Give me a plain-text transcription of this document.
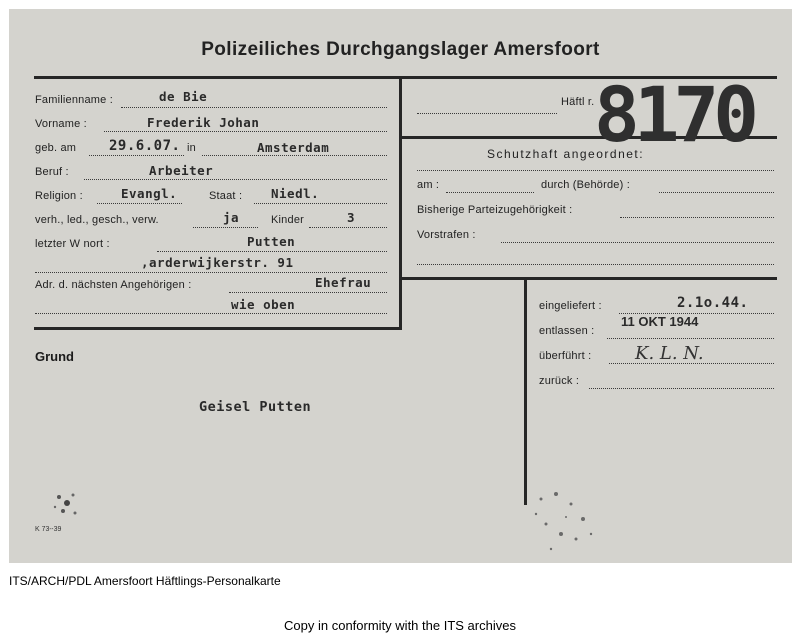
Polizeiliches Durchgangslager Amersfoort
Familienname :	de Bie
Vorname :	Frederik Johan
geb. am 29.6.07. in	Amsterdam
Beruf :	Arbeiter
Religion :	Evangl.	Staat : Niedl.
verh., led., gesch., verw.	ja	Kinder	3
letzter W nort :	Putten
‚arderwijkerstr. 91
Adr. d. nächsten Angehörigen :	Ehefrau
wie oben
Häftl r. 8170
Schutzhaft angeordnet:
am :	durch (Behörde) :
Bisherige Parteizugehörigkeit :
Vorstrafen :
Grund
Geisel Putten
eingeliefert :	2.1o.44.
entlassen :
11 OKT 1944
überführt : K. L. N.
zurück :
K 73-⸱39
ITS/ARCH/PDL Amersfoort Häftlings-Personalkarte
Copy in conformity with the ITS archives
